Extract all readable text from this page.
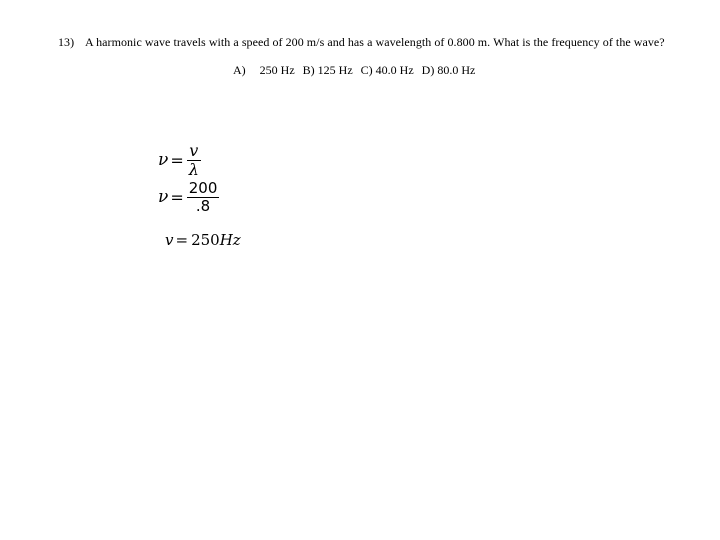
13) A harmonic wave travels with a speed of 200 m/s and has a wavelength of 0.800 m. What is the frequency of the wave?
A) 250 Hz B) 125 Hz C) 40.0 Hz D) 80.0 Hz
$\nu = \frac{v}{\lambda}$
$\nu = \frac{200}{.8}$
v = 250Hz
